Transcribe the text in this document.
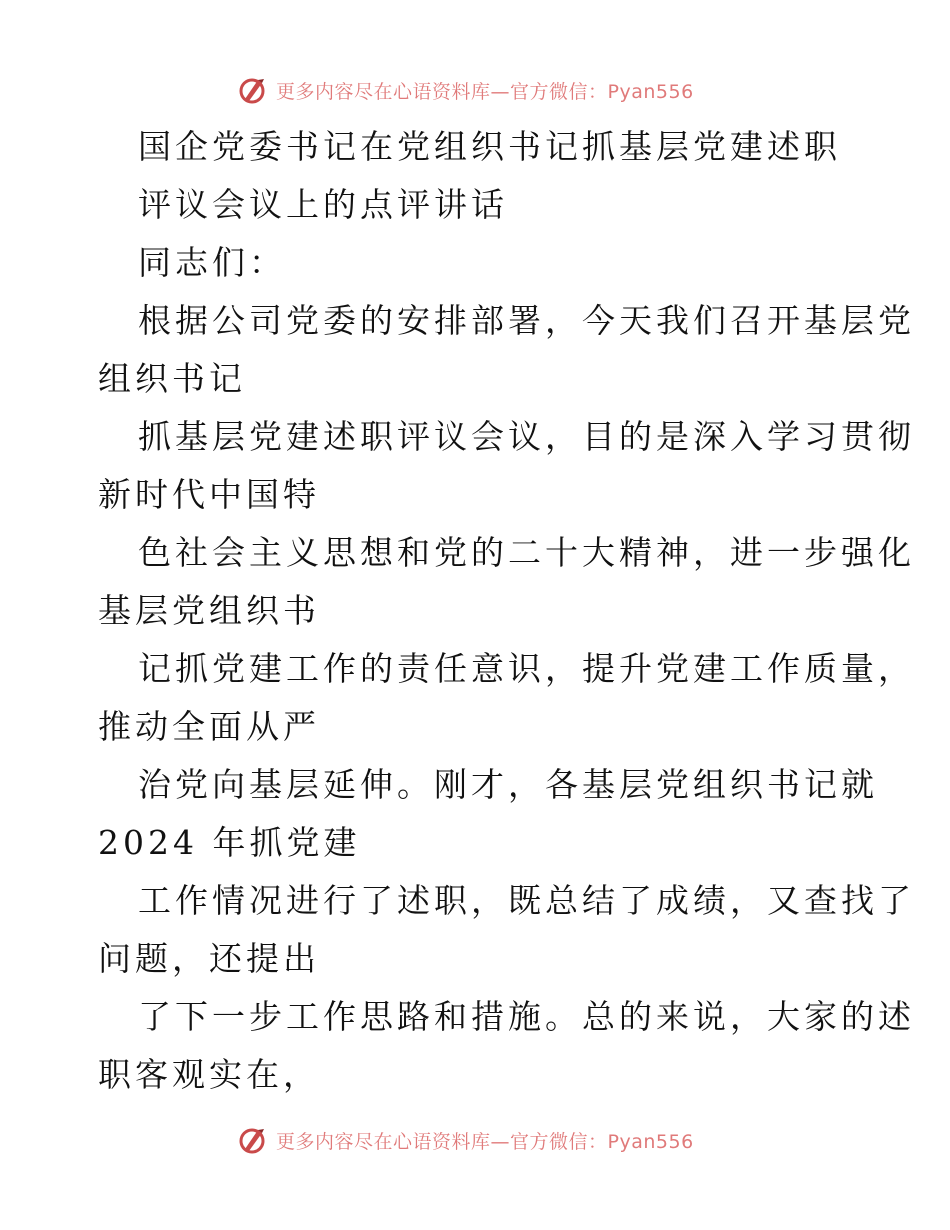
更多内容尽在心语资料库—官方微信：Pyan556
国企党委书记在党组织书记抓基层党建述职
评议会议上的点评讲话
同志们：
根据公司党委的安排部署，今天我们召开基层党
组织书记
抓基层党建述职评议会议，目的是深入学习贯彻
新时代中国特
色社会主义思想和党的二十大精神，进一步强化
基层党组织书
记抓党建工作的责任意识，提升党建工作质量，
推动全面从严
治党向基层延伸。刚才，各基层党组织书记就
2024 年抓党建
工作情况进行了述职，既总结了成绩，又查找了
问题，还提出
了下一步工作思路和措施。总的来说，大家的述
职客观实在，
更多内容尽在心语资料库—官方微信：Pyan556
